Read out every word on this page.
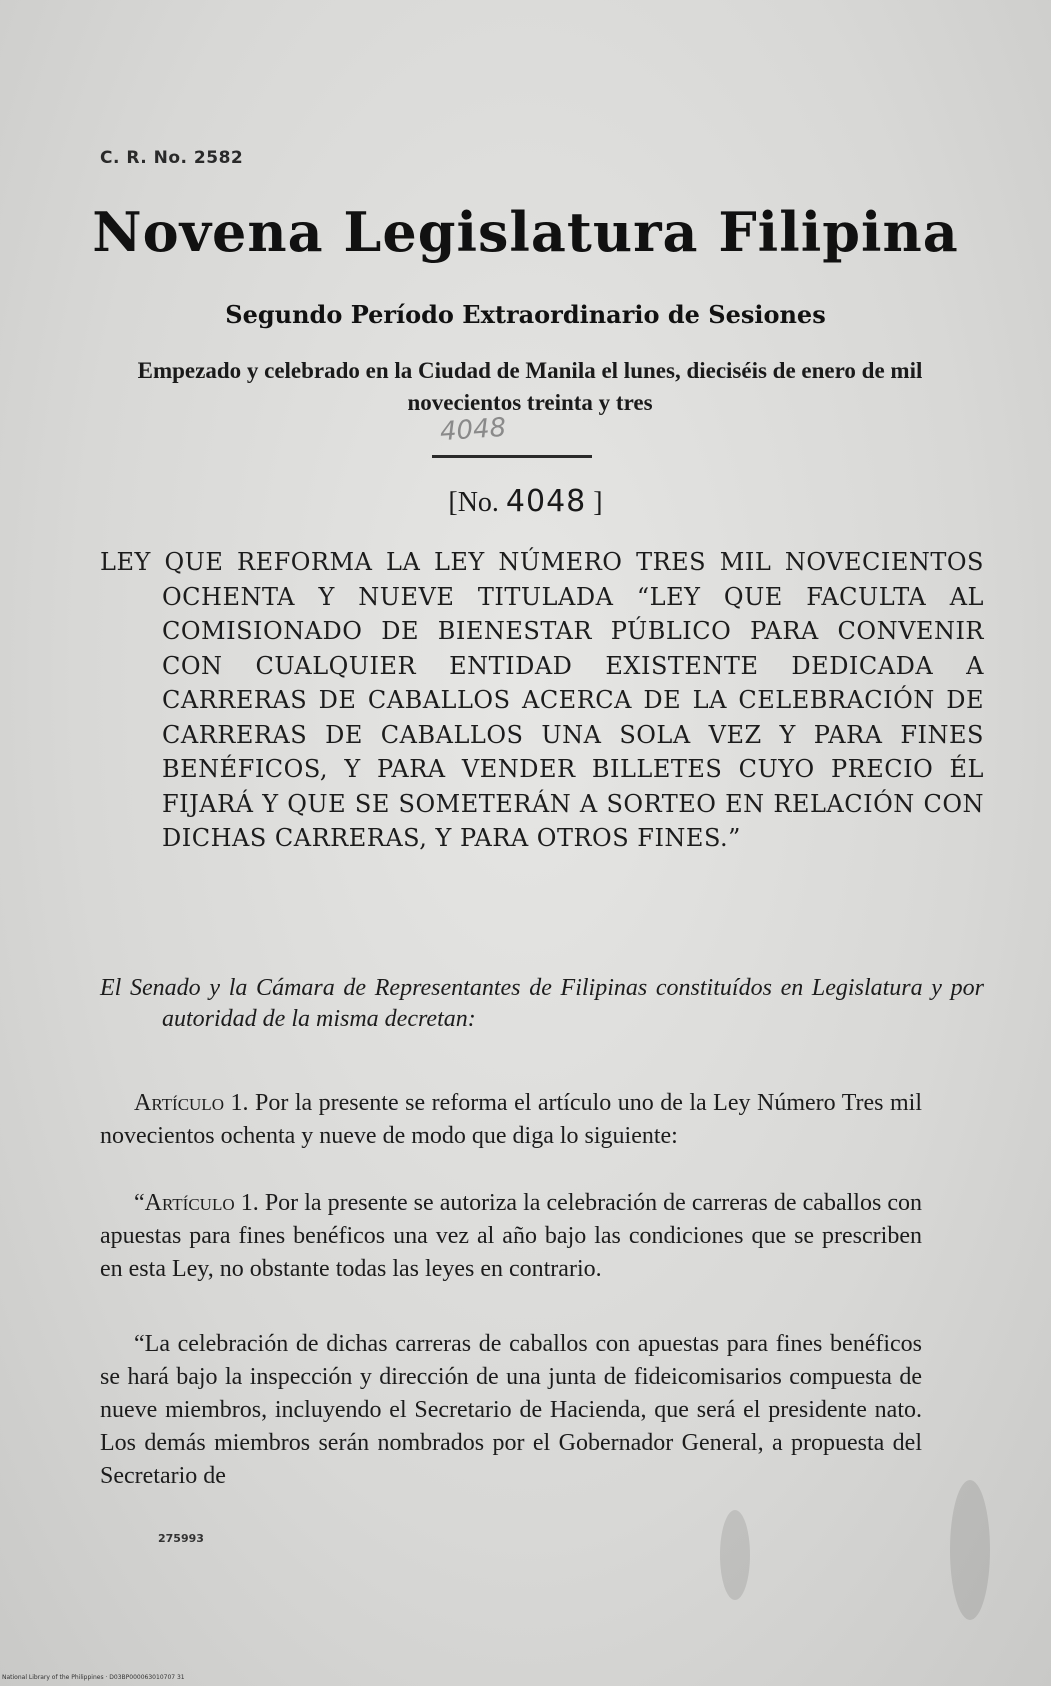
C. R. No. 2582
Novena Legislatura Filipina
Segundo Período Extraordinario de Sesiones
Empezado y celebrado en la Ciudad de Manila el lunes, dieciséis de enero de mil novecientos treinta y tres
4048
[No. 4048 ]
LEY QUE REFORMA LA LEY NÚMERO TRES MIL NOVECIENTOS OCHENTA Y NUEVE TITULADA “LEY QUE FACULTA AL COMISIONADO DE BIENESTAR PÚBLICO PARA CONVENIR CON CUALQUIER ENTIDAD EXISTENTE DEDICADA A CARRERAS DE CABALLOS ACERCA DE LA CELEBRACIÓN DE CARRERAS DE CABALLOS UNA SOLA VEZ Y PARA FINES BENÉFICOS, Y PARA VENDER BILLETES CUYO PRECIO ÉL FIJARÁ Y QUE SE SOMETERÁN A SORTEO EN RELACIÓN CON DICHAS CARRERAS, Y PARA OTROS FINES.”
El Senado y la Cámara de Representantes de Filipinas constituídos en Legislatura y por autoridad de la misma decretan:

Artículo 1. Por la presente se reforma el artículo uno de la Ley Número Tres mil novecientos ochenta y nueve de modo que diga lo siguiente:

“Artículo 1. Por la presente se autoriza la celebración de carreras de caballos con apuestas para fines benéficos una vez al año bajo las condiciones que se prescriben en esta Ley, no obstante todas las leyes en contrario.

“La celebración de dichas carreras de caballos con apuestas para fines benéficos se hará bajo la inspección y dirección de una junta de fideicomisarios compuesta de nueve miembros, incluyendo el Secretario de Hacienda, que será el presidente nato. Los demás miembros serán nombrados por el Gobernador General, a propuesta del Secretario de

275993
National Library of the Philippines · D03BP000063010707 31
